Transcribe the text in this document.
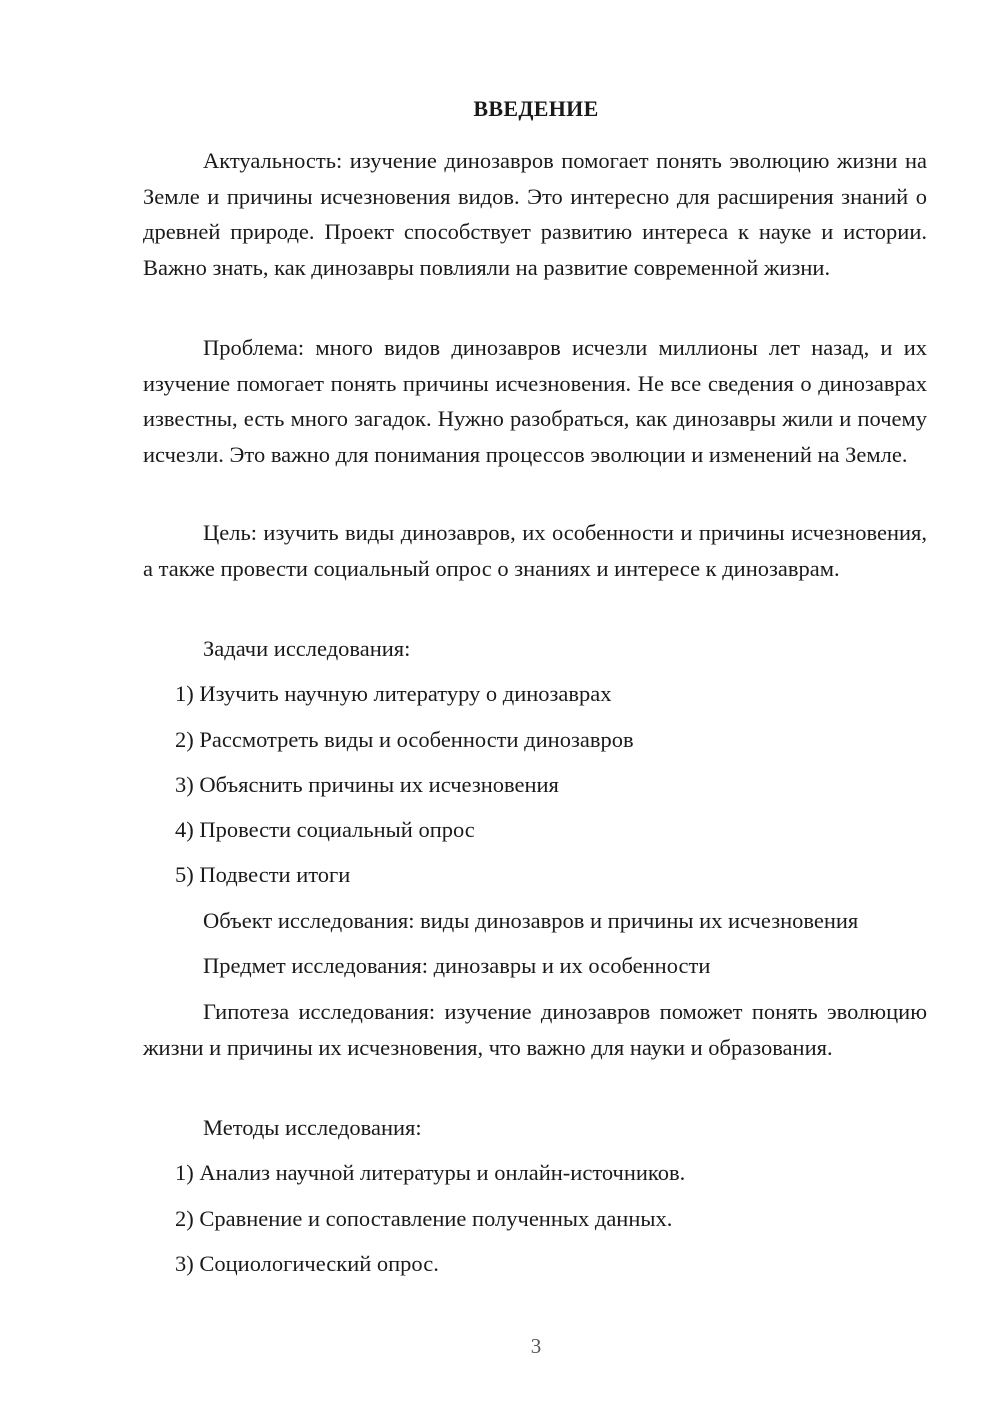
ВВЕДЕНИЕ

Актуальность: изучение динозавров помогает понять эволюцию жизни на Земле и причины исчезновения видов. Это интересно для расширения знаний о древней природе. Проект способствует развитию интереса к науке и истории. Важно знать, как динозавры повлияли на развитие современной жизни.

Проблема: много видов динозавров исчезли миллионы лет назад, и их изучение помогает понять причины исчезновения. Не все сведения о динозаврах известны, есть много загадок. Нужно разобраться, как динозавры жили и почему исчезли. Это важно для понимания процессов эволюции и изменений на Земле.

Цель: изучить виды динозавров, их особенности и причины исчезновения, а также провести социальный опрос о знаниях и интересе к динозаврам.

Задачи исследования:

1) Изучить научную литературу о динозаврах

2) Рассмотреть виды и особенности динозавров

3) Объяснить причины их исчезновения

4) Провести социальный опрос

5) Подвести итоги

Объект исследования: виды динозавров и причины их исчезновения

Предмет исследования: динозавры и их особенности

Гипотеза исследования: изучение динозавров поможет понять эволюцию жизни и причины их исчезновения, что важно для науки и образования.

Методы исследования:

1) Анализ научной литературы и онлайн-источников.

2) Сравнение и сопоставление полученных данных.

3) Социологический опрос.

3
